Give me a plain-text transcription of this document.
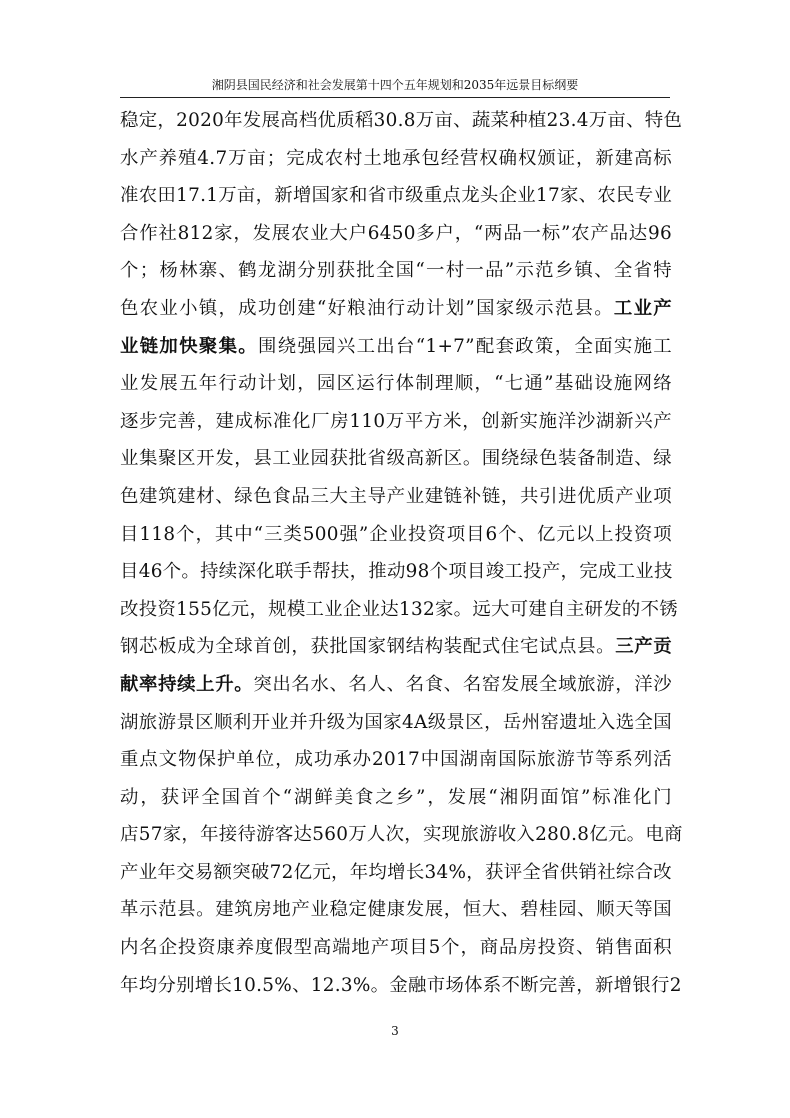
湘阴县国民经济和社会发展第十四个五年规划和2035年远景目标纲要
稳定，2020年发展高档优质稻30.8万亩、蔬菜种植23.4万亩、特色
水产养殖4.7万亩；完成农村土地承包经营权确权颁证，新建高标
准农田17.1万亩，新增国家和省市级重点龙头企业17家、农民专业
合作社812家，发展农业大户6450多户，“两品一标”农产品达96
个；杨林寨、鹤龙湖分别获批全国“一村一品”示范乡镇、全省特
色农业小镇，成功创建“好粮油行动计划”国家级示范县。工业产
业链加快聚集。围绕强园兴工出台“1+7”配套政策，全面实施工
业发展五年行动计划，园区运行体制理顺，“七通”基础设施网络
逐步完善，建成标准化厂房110万平方米，创新实施洋沙湖新兴产
业集聚区开发，县工业园获批省级高新区。围绕绿色装备制造、绿
色建筑建材、绿色食品三大主导产业建链补链，共引进优质产业项
目118个，其中“三类500强”企业投资项目6个、亿元以上投资项
目46个。持续深化联手帮扶，推动98个项目竣工投产，完成工业技
改投资155亿元，规模工业企业达132家。远大可建自主研发的不锈
钢芯板成为全球首创，获批国家钢结构装配式住宅试点县。三产贡
献率持续上升。突出名水、名人、名食、名窑发展全域旅游，洋沙
湖旅游景区顺利开业并升级为国家4A级景区，岳州窑遗址入选全国
重点文物保护单位，成功承办2017中国湖南国际旅游节等系列活
动，获评全国首个“湖鲜美食之乡”，发展“湘阴面馆”标准化门
店57家，年接待游客达560万人次，实现旅游收入280.8亿元。电商
产业年交易额突破72亿元，年均增长34%，获评全省供销社综合改
革示范县。建筑房地产业稳定健康发展，恒大、碧桂园、顺天等国
内名企投资康养度假型高端地产项目5个，商品房投资、销售面积
年均分别增长10.5%、12.3%。金融市场体系不断完善，新增银行2
3
